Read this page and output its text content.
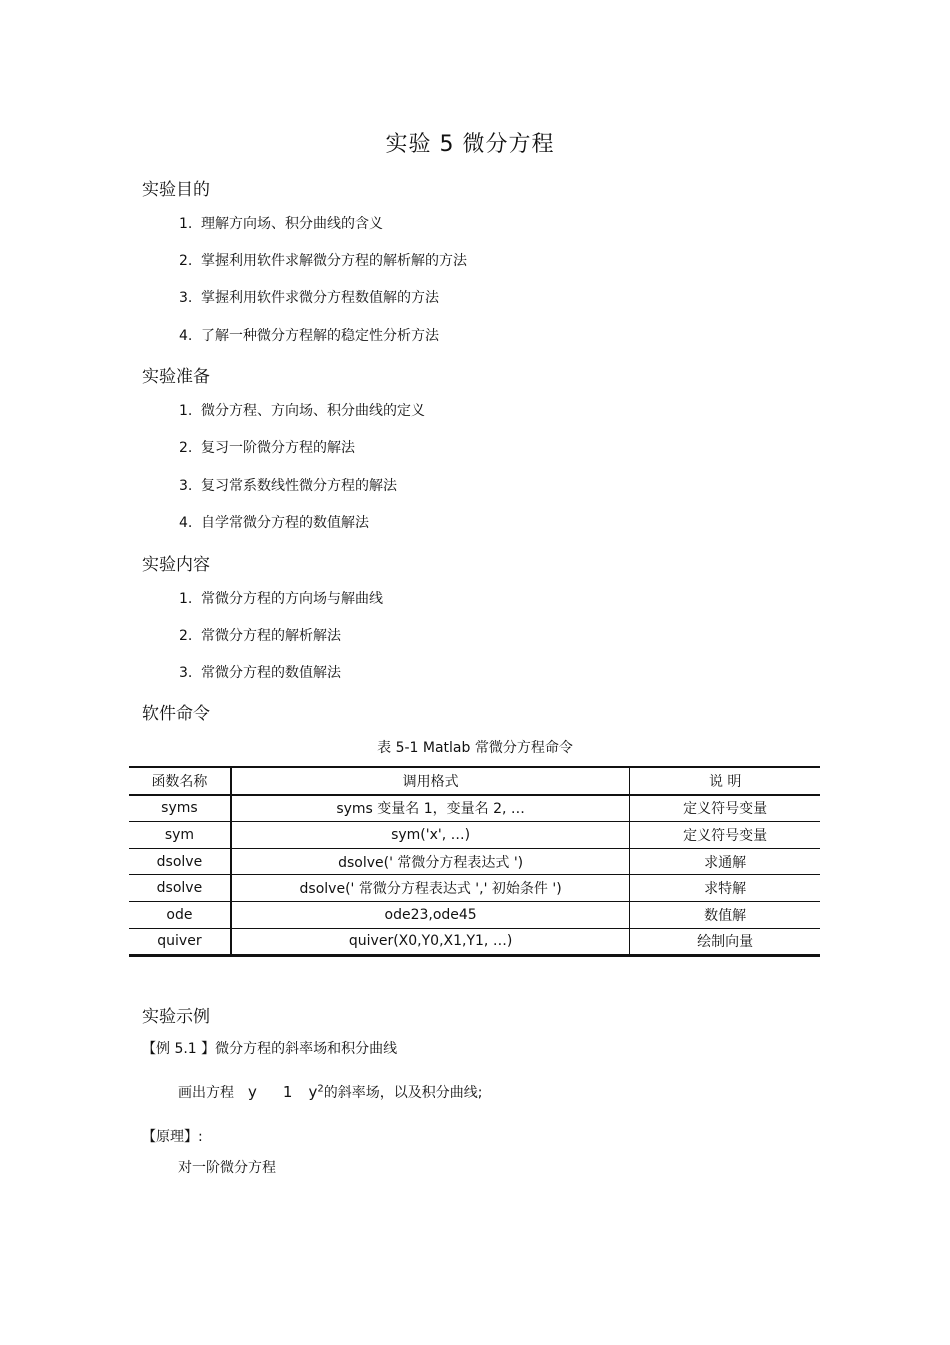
实验 5 微分方程
实验目的
1. 理解方向场、积分曲线的含义
2. 掌握利用软件求解微分方程的解析解的方法
3. 掌握利用软件求微分方程数值解的方法
4. 了解一种微分方程解的稳定性分析方法
实验准备
1. 微分方程、方向场、积分曲线的定义
2. 复习一阶微分方程的解法
3. 复习常系数线性微分方程的解法
4. 自学常微分方程的数值解法
实验内容
1. 常微分方程的方向场与解曲线
2. 常微分方程的解析解法
3. 常微分方程的数值解法
软件命令
表 5-1 Matlab 常微分方程命令
函数名称	调用格式	说 明
syms	syms 变量名 1，变量名 2, …	定义符号变量
sym	sym('x', …)	定义符号变量
dsolve	dsolve(' 常微分方程表达式 ')	求通解
dsolve	dsolve(' 常微分方程表达式 ',' 初始条件 ')	求特解
ode	ode23,ode45	数值解
quiver	quiver(X0,Y0,X1,Y1, …)	绘制向量
实验示例
【例 5.1 】微分方程的斜率场和积分曲线
画出方程 y 1 $y^2$的斜率场，以及积分曲线;
【原理】:
对一阶微分方程
